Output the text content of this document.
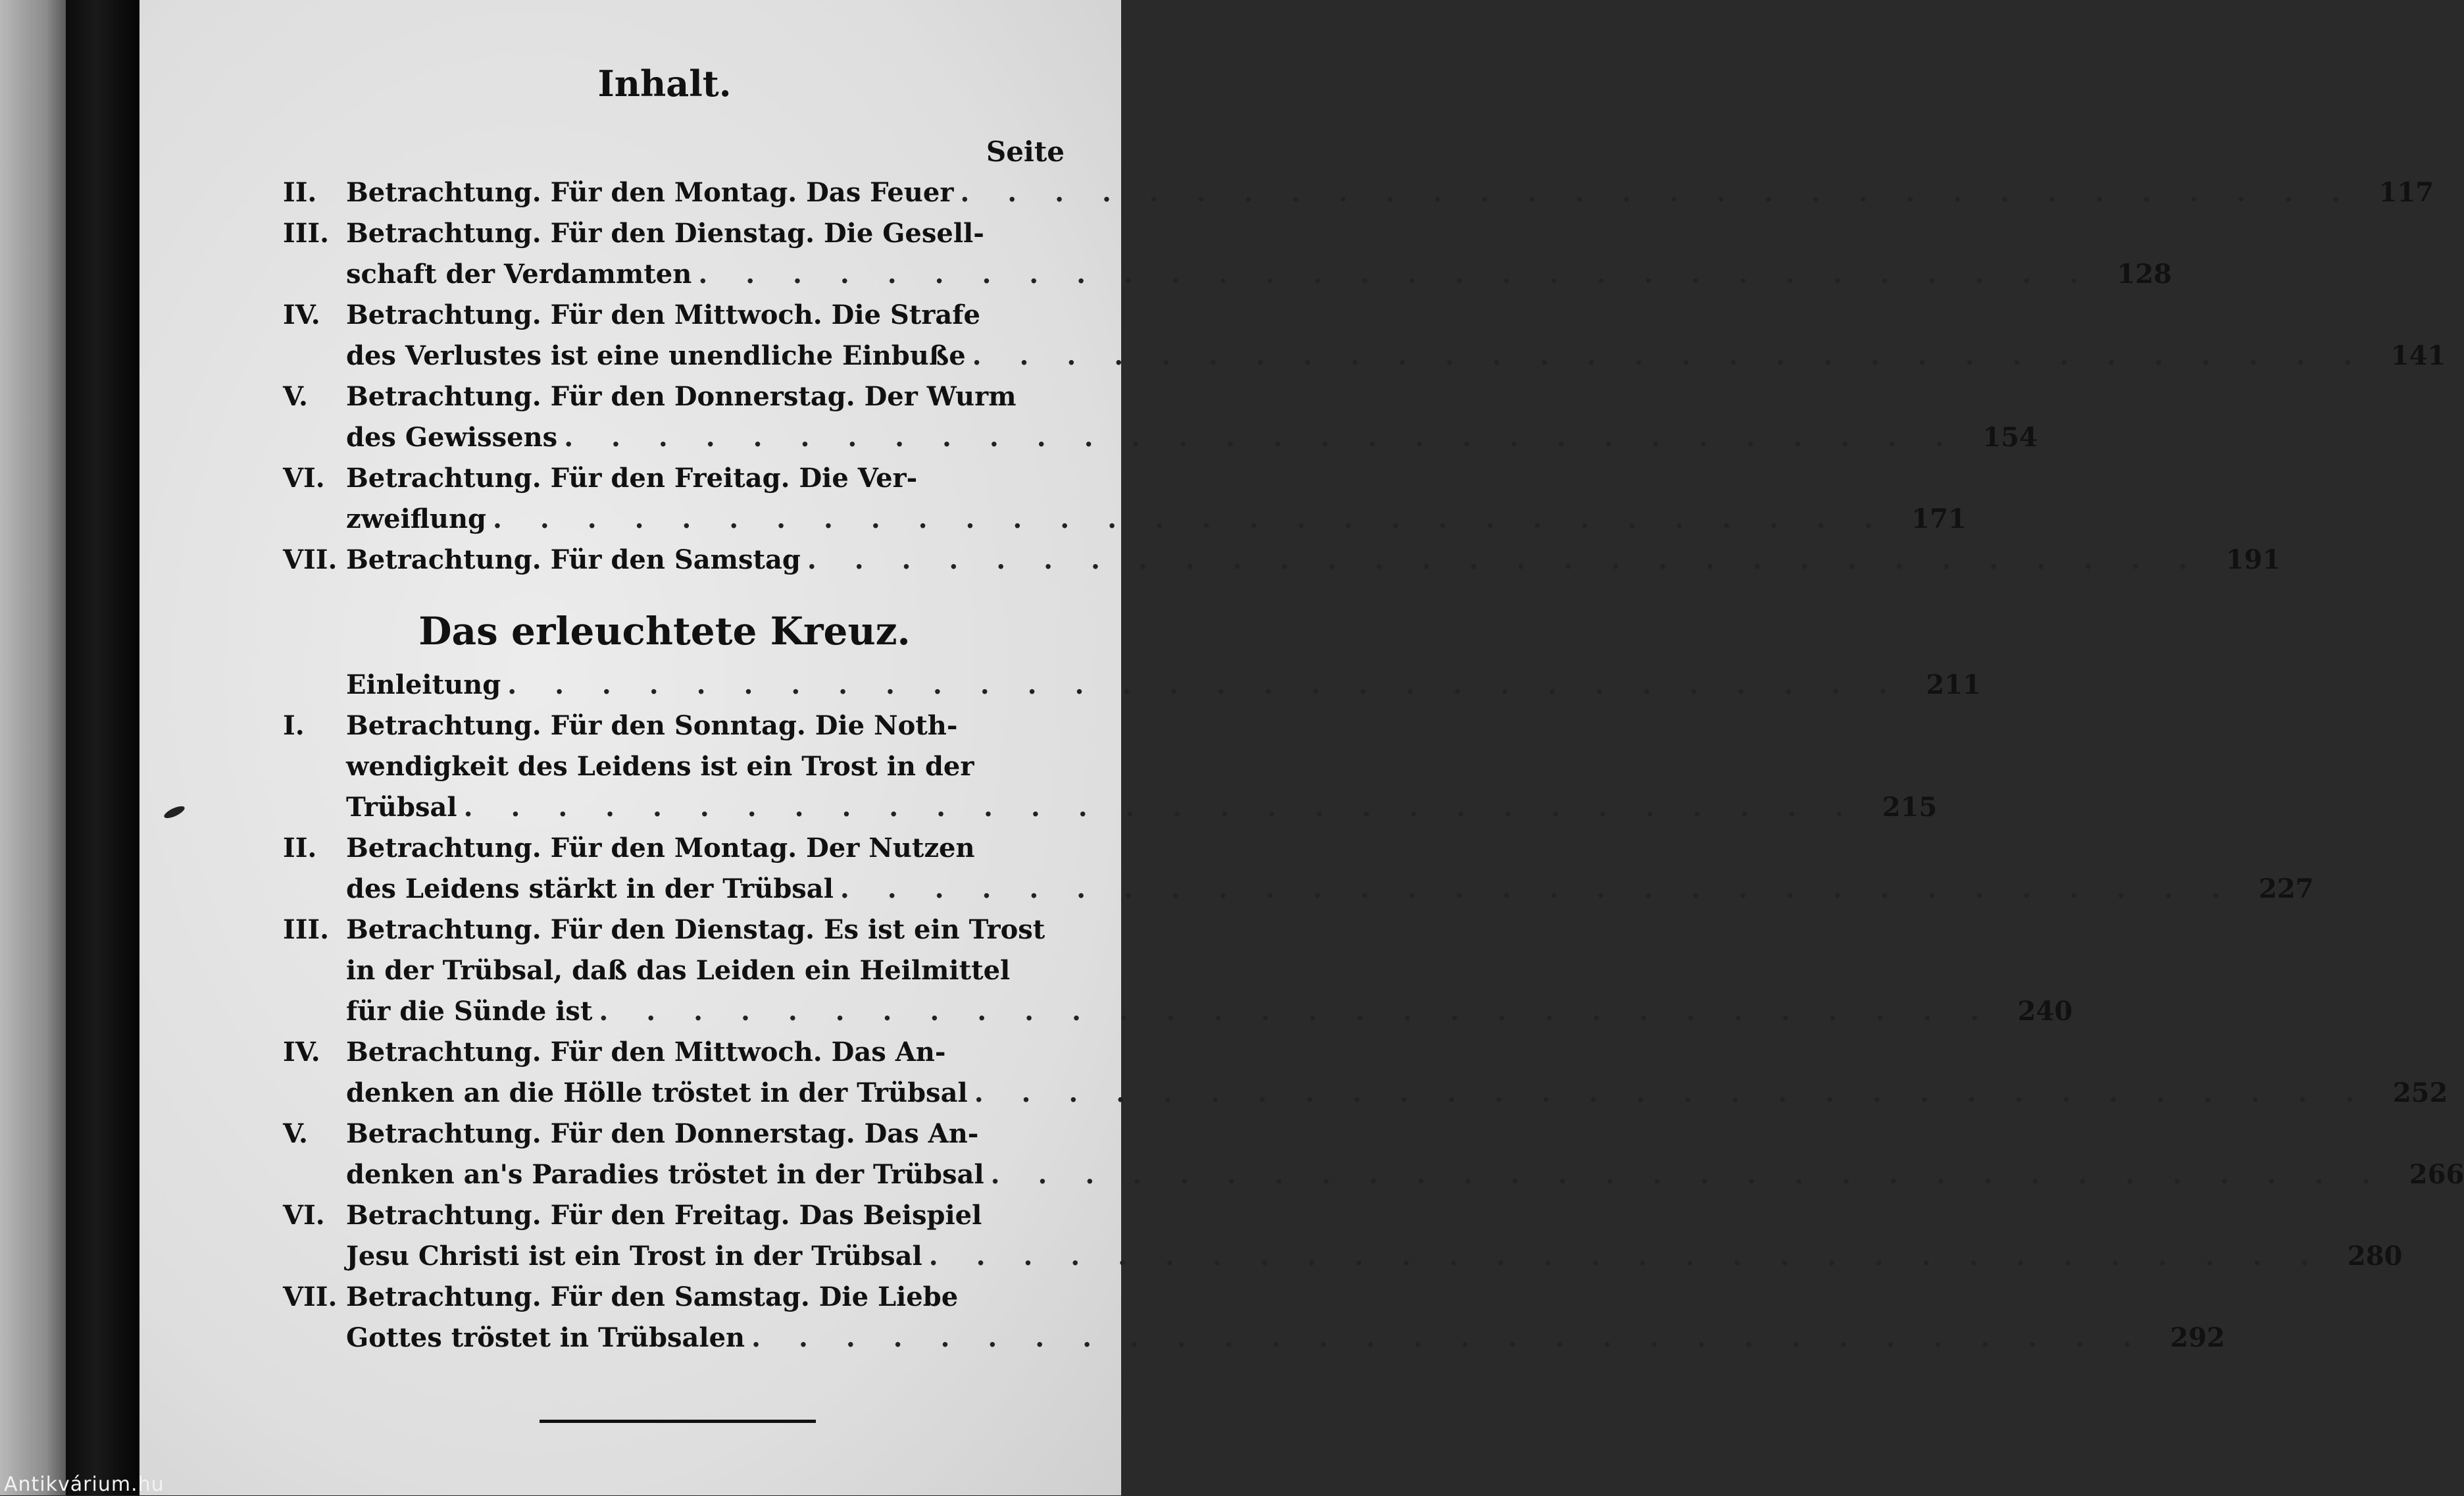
Inhalt.
Seite
II.	Betrachtung. Für den Montag. Das Feuer . . .	117
III. Betrachtung. Für den Dienstag. Die Gesell-
schaft der Verdammten . . .	128
IV. Betrachtung. Für den Mittwoch. Die Strafe
des Verlustes ist eine unendliche Einbuße . . .	141
V.	Betrachtung. Für den Donnerstag. Der Wurm
des Gewissens . . .	154
VI. Betrachtung. Für den Freitag. Die Ver-
zweiflung . . .	171
VII. Betrachtung. Für den Samstag . . .	191
Das erleuchtete Kreuz.
Einleitung . . .	211
I.	Betrachtung. Für den Sonntag. Die Noth-
wendigkeit des Leidens ist ein Trost in der
Trübsal . . .	215
II.	Betrachtung. Für den Montag. Der Nutzen
des Leidens stärkt in der Trübsal . . .	227
III. Betrachtung. Für den Dienstag. Es ist ein Trost
in der Trübsal, daß das Leiden ein Heilmittel
für die Sünde ist . . .	240
IV. Betrachtung. Für den Mittwoch. Das An-
denken an die Hölle tröstet in der Trübsal . . .	252
V.	Betrachtung. Für den Donnerstag. Das An-
denken an's Paradies tröstet in der Trübsal . . .	266
VI. Betrachtung. Für den Freitag. Das Beispiel
Jesu Christi ist ein Trost in der Trübsal . . .	280
VII. Betrachtung. Für den Samstag. Die Liebe
Gottes tröstet in Trübsalen . . .	292
Antikvárium.hu
